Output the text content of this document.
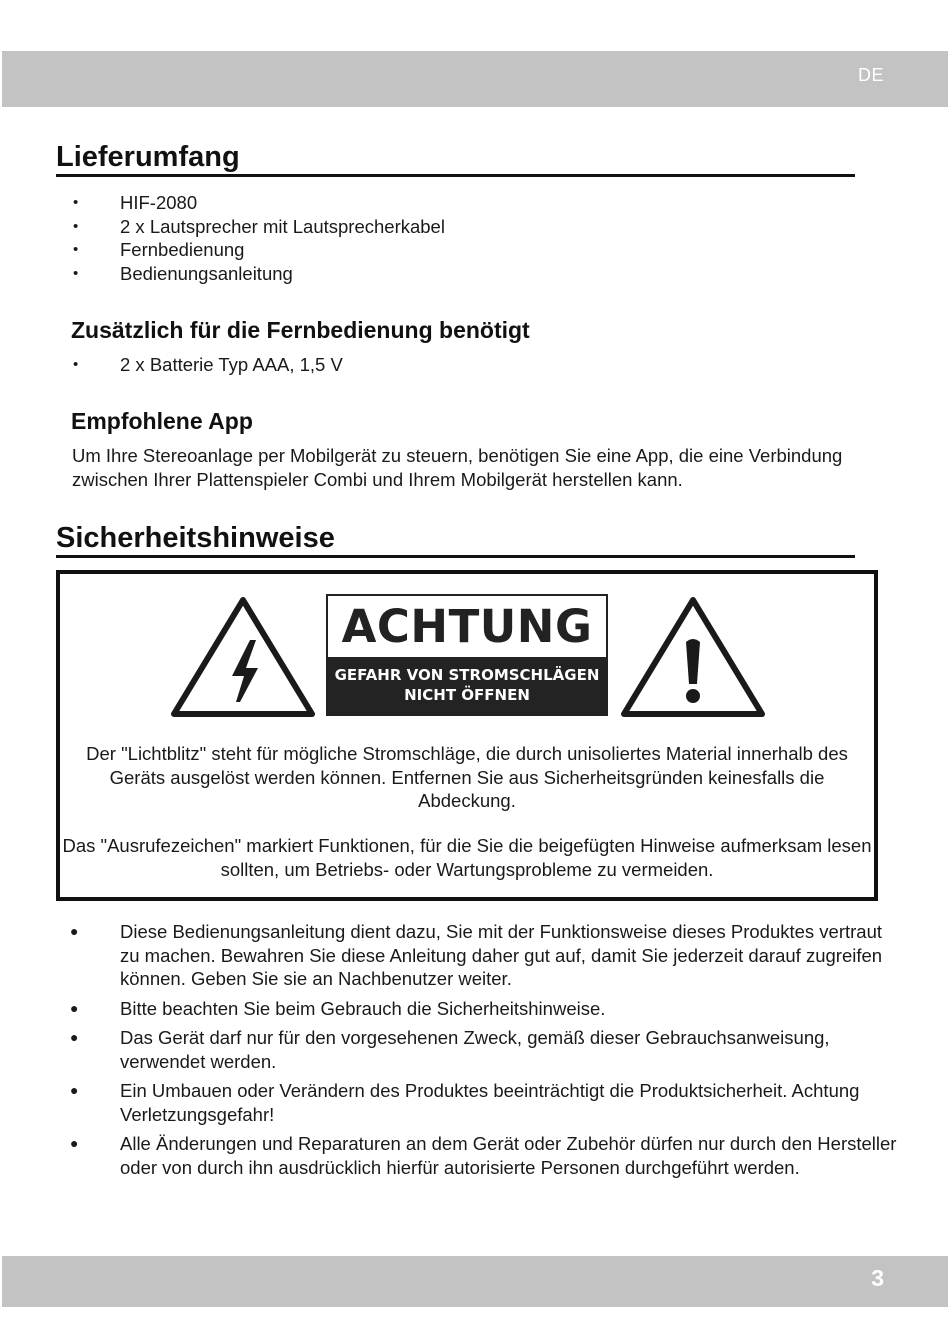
DE
Lieferumfang
• HIF-2080
• 2 x Lautsprecher mit Lautsprecherkabel
• Fernbedienung
• Bedienungsanleitung
Zusätzlich für die Fernbedienung benötigt
• 2 x Batterie Typ AAA, 1,5 V
Empfohlene App
Um Ihre Stereoanlage per Mobilgerät zu steuern, benötigen Sie eine App, die eine Verbindung zwischen Ihrer Plattenspieler Combi und Ihrem Mobilgerät herstellen kann.
Sicherheitshinweise
ACHTUNG
GEFAHR VON STROMSCHLÄGEN
NICHT ÖFFNEN
Der "Lichtblitz" steht für mögliche Stromschläge, die durch unisoliertes Material innerhalb des Geräts ausgelöst werden können. Entfernen Sie aus Sicherheitsgründen keinesfalls die Abdeckung.
Das "Ausrufezeichen" markiert Funktionen, für die Sie die beigefügten Hinweise aufmerksam lesen sollten, um Betriebs- oder Wartungsprobleme zu vermeiden.
● Diese Bedienungsanleitung dient dazu, Sie mit der Funktionsweise dieses Produktes vertraut zu machen. Bewahren Sie diese Anleitung daher gut auf, damit Sie jederzeit darauf zugreifen können. Geben Sie sie an Nachbenutzer weiter.
● Bitte beachten Sie beim Gebrauch die Sicherheitshinweise.
● Das Gerät darf nur für den vorgesehenen Zweck, gemäß dieser Gebrauchsanweisung, verwendet werden.
● Ein Umbauen oder Verändern des Produktes beeinträchtigt die Produktsicherheit. Achtung Verletzungsgefahr!
● Alle Änderungen und Reparaturen an dem Gerät oder Zubehör dürfen nur durch den Hersteller oder von durch ihn ausdrücklich hierfür autorisierte Personen durchgeführt werden.
3
